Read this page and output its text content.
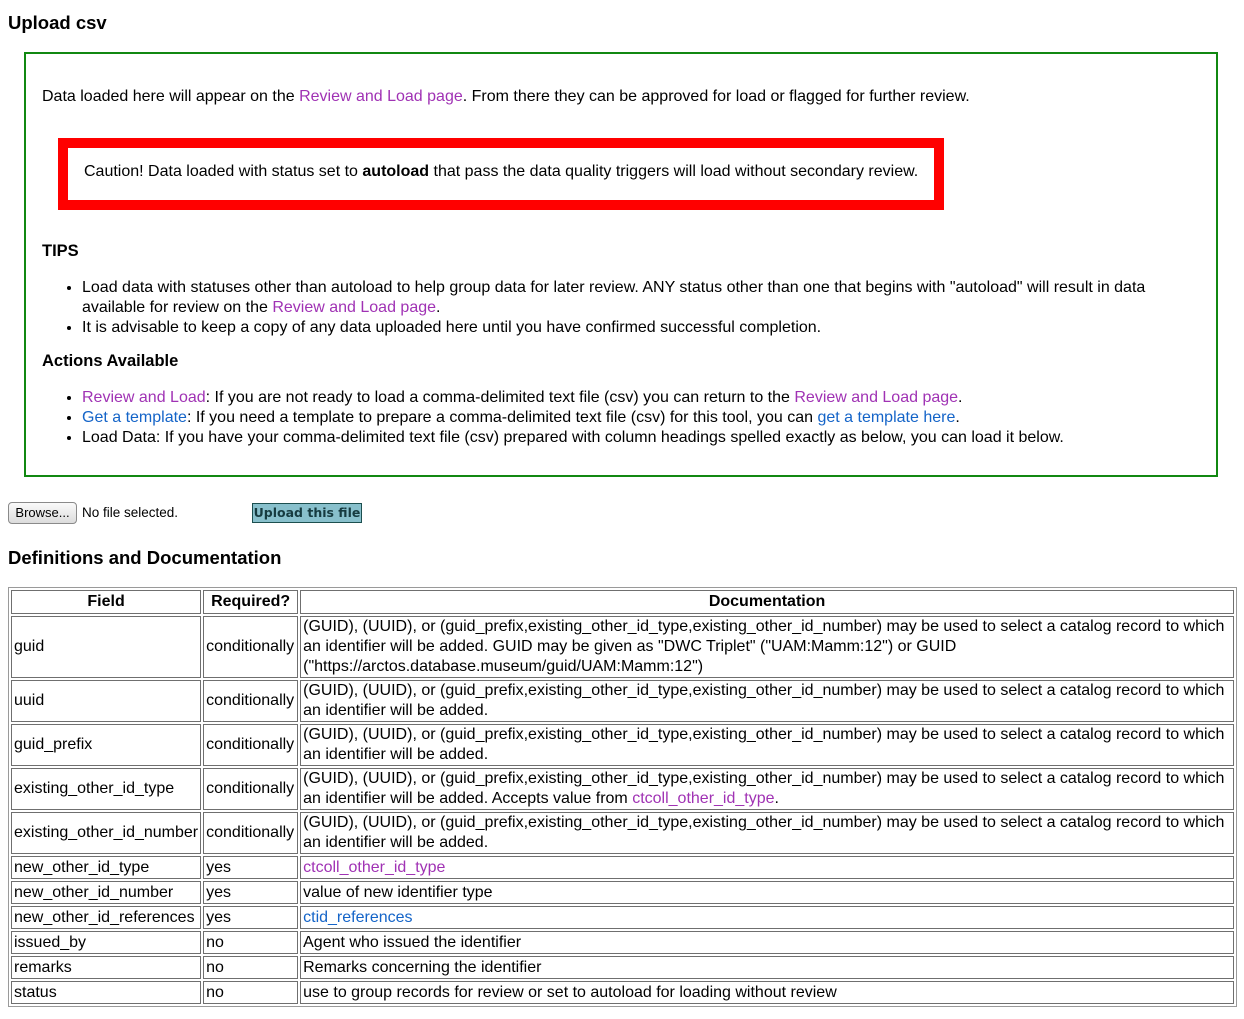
Upload csv

Data loaded here will appear on the Review and Load page. From there they can be approved for load or flagged for further review.

Caution! Data loaded with status set to autoload that pass the data quality triggers will load without secondary review.
TIPS
• Load data with statuses other than autoload to help group data for later review. ANY status other than one that begins with "autoload" will result in data available for review on the Review and Load page.
• It is advisable to keep a copy of any data uploaded here until you have confirmed successful completion.
Actions Available
• Review and Load: If you are not ready to load a comma-delimited text file (csv) you can return to the Review and Load page.
• Get a template: If you need a template to prepare a comma-delimited text file (csv) for this tool, you can get a template here.
• Load Data: If you have your comma-delimited text file (csv) prepared with column headings spelled exactly as below, you can load it below.
Browse... No file selected.	Upload this file
Definitions and Documentation
Field	Required?	Documentation
guid	conditionally	(GUID), (UUID), or (guid_prefix,existing_other_id_type,existing_other_id_number) may be used to select a catalog record to which an identifier will be added. GUID may be given as "DWC Triplet" ("UAM:Mamm:12") or GUID ("https://arctos.database.museum/guid/UAM:Mamm:12")
uuid	conditionally	(GUID), (UUID), or (guid_prefix,existing_other_id_type,existing_other_id_number) may be used to select a catalog record to which an identifier will be added.
guid_prefix	conditionally	(GUID), (UUID), or (guid_prefix,existing_other_id_type,existing_other_id_number) may be used to select a catalog record to which an identifier will be added.
existing_other_id_type	conditionally	(GUID), (UUID), or (guid_prefix,existing_other_id_type,existing_other_id_number) may be used to select a catalog record to which an identifier will be added. Accepts value from ctcoll_other_id_type.
existing_other_id_number	conditionally	(GUID), (UUID), or (guid_prefix,existing_other_id_type,existing_other_id_number) may be used to select a catalog record to which an identifier will be added.
new_other_id_type	yes	ctcoll_other_id_type
new_other_id_number	yes	value of new identifier type
new_other_id_references	yes	ctid_references
issued_by	no	Agent who issued the identifier
remarks	no	Remarks concerning the identifier
status	no	use to group records for review or set to autoload for loading without review
